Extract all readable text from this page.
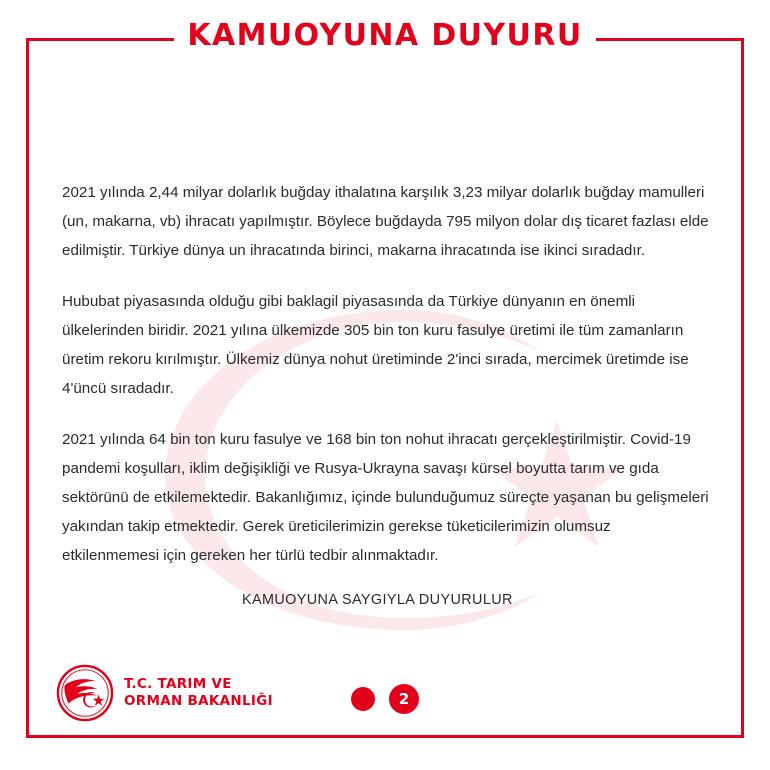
KAMUOYUNA DUYURU

2021 yılında 2,44 milyar dolarlık buğday ithalatına karşılık 3,23 milyar dolarlık buğday mamulleri (un, makarna, vb) ihracatı yapılmıştır. Böylece buğdayda 795 milyon dolar dış ticaret fazlası elde edilmiştir. Türkiye dünya un ihracatında birinci, makarna ihracatında ise ikinci sıradadır.

Hububat piyasasında olduğu gibi baklagil piyasasında da Türkiye dünyanın en önemli ülkelerinden biridir. 2021 yılına ülkemizde 305 bin ton kuru fasulye üretimi ile tüm zamanların üretim rekoru kırılmıştır. Ülkemiz dünya nohut üretiminde 2'inci sırada, mercimek üretimde ise 4'üncü sıradadır.

2021 yılında 64 bin ton kuru fasulye ve 168 bin ton nohut ihracatı gerçekleştirilmiştir. Covid-19 pandemi koşulları, iklim değişikliği ve Rusya-Ukrayna savaşı kürsel boyutta tarım ve gıda sektörünü de etkilemektedir. Bakanlığımız, içinde bulunduğumuz süreçte yaşanan bu gelişmeleri yakından takip etmektedir. Gerek üreticilerimizin gerekse tüketicilerimizin olumsuz etkilenmemesi için gereken her türlü tedbir alınmaktadır.

KAMUOYUNA SAYGIYLA DUYURULUR

T.C. TARIM VE
ORMAN BAKANLIĞI	2
